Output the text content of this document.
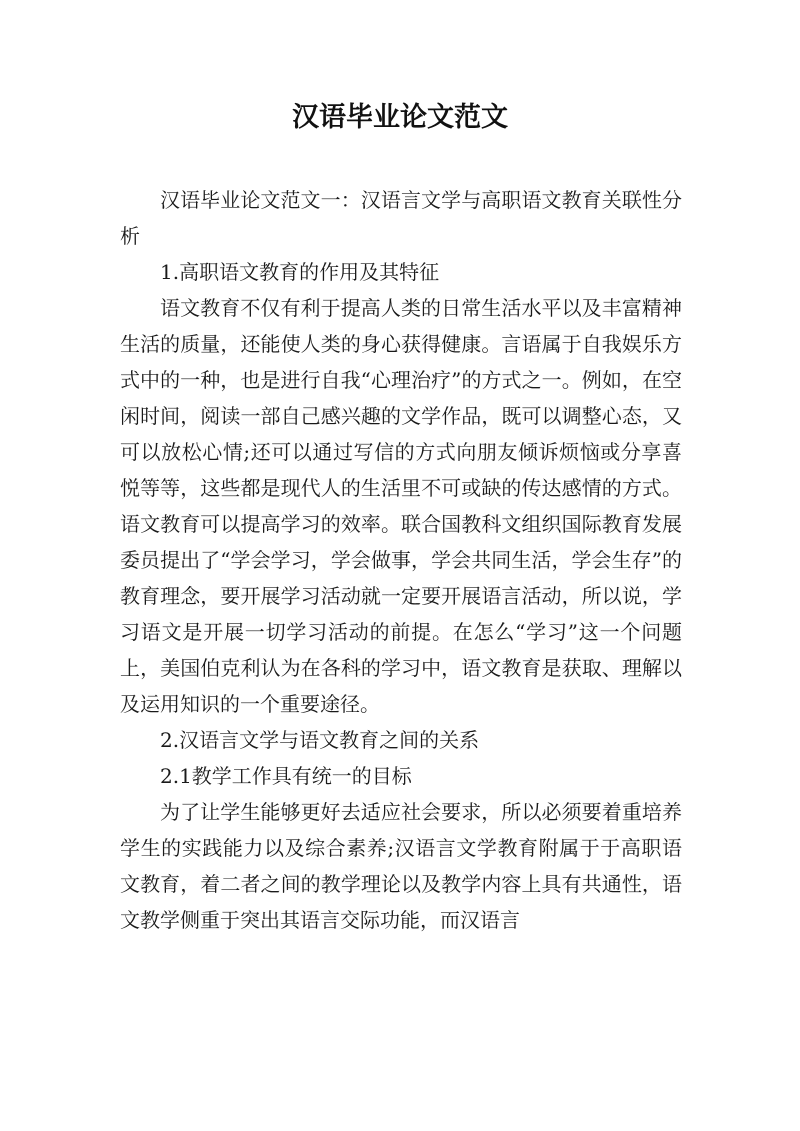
汉语毕业论文范文

汉语毕业论文范文一：汉语言文学与高职语文教育关联性分析

1.高职语文教育的作用及其特征

语文教育不仅有利于提高人类的日常生活水平以及丰富精神生活的质量，还能使人类的身心获得健康。言语属于自我娱乐方式中的一种，也是进行自我“心理治疗”的方式之一。例如，在空闲时间，阅读一部自己感兴趣的文学作品，既可以调整心态，又可以放松心情;还可以通过写信的方式向朋友倾诉烦恼或分享喜悦等等，这些都是现代人的生活里不可或缺的传达感情的方式。语文教育可以提高学习的效率。联合国教科文组织国际教育发展委员提出了“学会学习，学会做事，学会共同生活，学会生存”的教育理念，要开展学习活动就一定要开展语言活动，所以说，学习语文是开展一切学习活动的前提。在怎么“学习”这一个问题上，美国伯克利认为在各科的学习中，语文教育是获取、理解以及运用知识的一个重要途径。

2.汉语言文学与语文教育之间的关系

2.1教学工作具有统一的目标

为了让学生能够更好去适应社会要求，所以必须要着重培养学生的实践能力以及综合素养;汉语言文学教育附属于于高职语文教育，着二者之间的教学理论以及教学内容上具有共通性，语文教学侧重于突出其语言交际功能，而汉语言
